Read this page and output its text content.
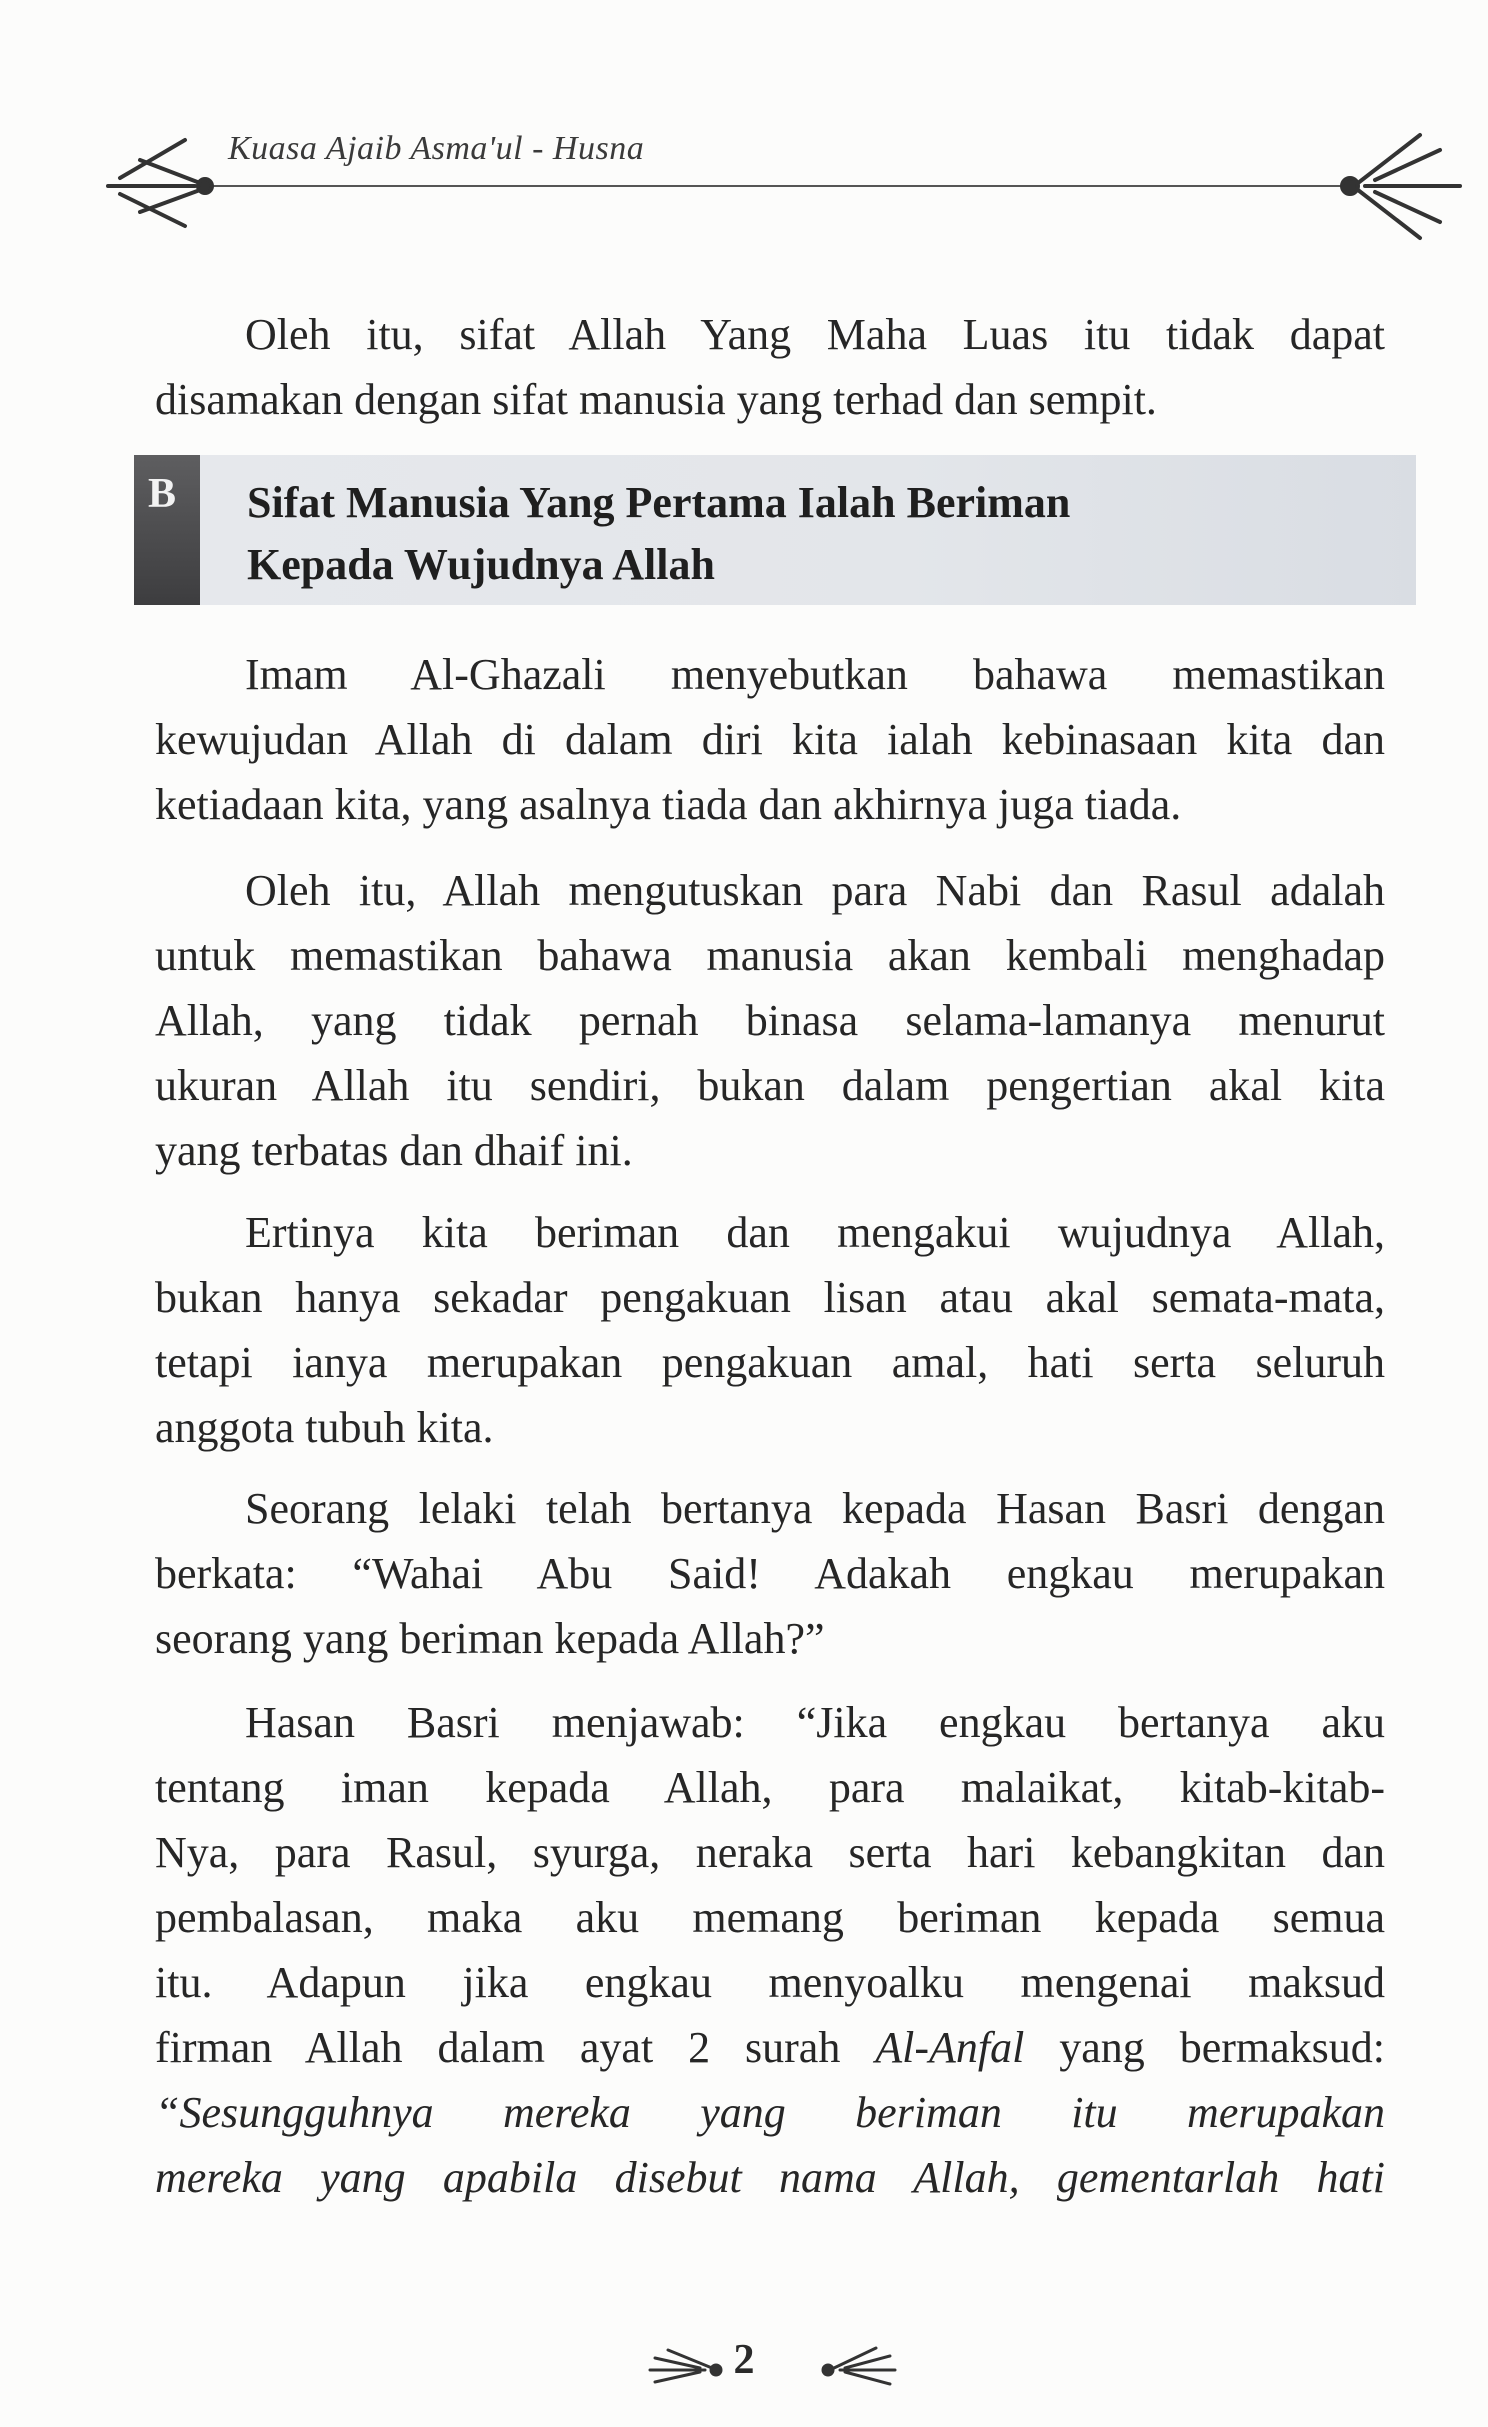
Kuasa Ajaib Asma'ul - Husna
Oleh itu, sifat Allah Yang Maha Luas itu tidak dapat
disamakan dengan sifat manusia yang terhad dan sempit.
B Sifat Manusia Yang Pertama Ialah Beriman
Kepada Wujudnya Allah
Imam Al-Ghazali menyebutkan bahawa memastikan
kewujudan Allah di dalam diri kita ialah kebinasaan kita dan
ketiadaan kita, yang asalnya tiada dan akhirnya juga tiada.
Oleh itu, Allah mengutuskan para Nabi dan Rasul adalah
untuk memastikan bahawa manusia akan kembali menghadap
Allah, yang tidak pernah binasa selama-lamanya menurut
ukuran Allah itu sendiri, bukan dalam pengertian akal kita
yang terbatas dan dhaif ini.
Ertinya kita beriman dan mengakui wujudnya Allah,
bukan hanya sekadar pengakuan lisan atau akal semata-mata,
tetapi ianya merupakan pengakuan amal, hati serta seluruh
anggota tubuh kita.
Seorang lelaki telah bertanya kepada Hasan Basri dengan
berkata: “Wahai Abu Said! Adakah engkau merupakan
seorang yang beriman kepada Allah?”
Hasan Basri menjawab: “Jika engkau bertanya aku
tentang iman kepada Allah, para malaikat, kitab-kitab-
Nya, para Rasul, syurga, neraka serta hari kebangkitan dan
pembalasan, maka aku memang beriman kepada semua
itu. Adapun jika engkau menyoalku mengenai maksud
firman Allah dalam ayat 2 surah Al-Anfal yang bermaksud:
“Sesungguhnya mereka yang beriman itu merupakan
mereka yang apabila disebut nama Allah, gementarlah hati
2
